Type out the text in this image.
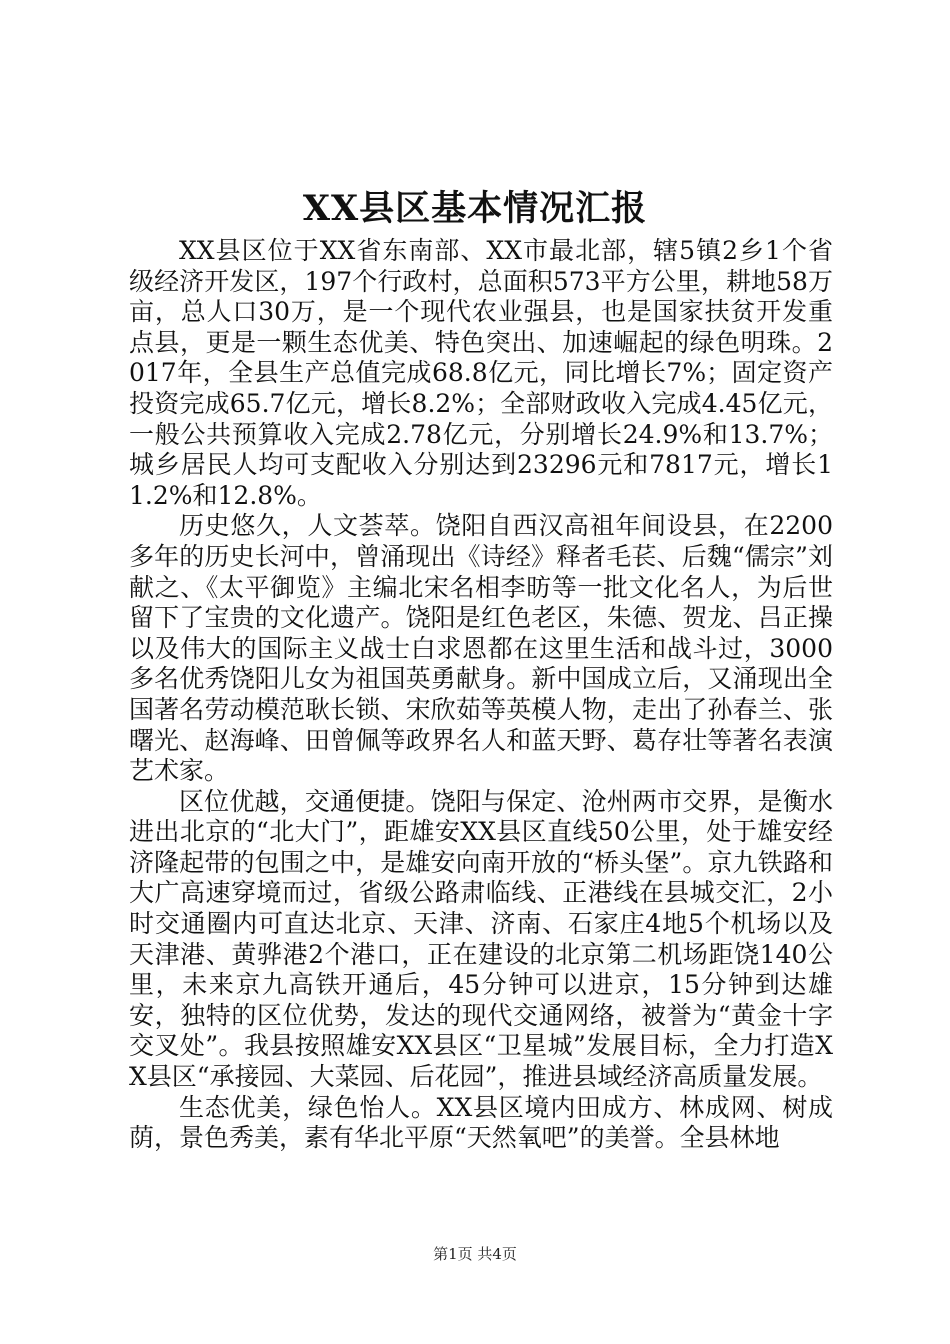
XX县区基本情况汇报

XX县区位于XX省东南部、XX市最北部，辖5镇2乡1个省级经济开发区，197个行政村，总面积573平方公里，耕地58万亩，总人口30万，是一个现代农业强县，也是国家扶贫开发重点县，更是一颗生态优美、特色突出、加速崛起的绿色明珠。2017年，全县生产总值完成68.8亿元，同比增长7%；固定资产投资完成65.7亿元，增长8.2%；全部财政收入完成4.45亿元，一般公共预算收入完成2.78亿元，分别增长24.9%和13.7%；城乡居民人均可支配收入分别达到23296元和7817元，增长11.2%和12.8%。

历史悠久，人文荟萃。饶阳自西汉高祖年间设县，在2200多年的历史长河中，曾涌现出《诗经》释者毛苌、后魏“儒宗”刘献之、《太平御览》主编北宋名相李昉等一批文化名人，为后世留下了宝贵的文化遗产。饶阳是红色老区，朱德、贺龙、吕正操以及伟大的国际主义战士白求恩都在这里生活和战斗过，3000多名优秀饶阳儿女为祖国英勇献身。新中国成立后，又涌现出全国著名劳动模范耿长锁、宋欣茹等英模人物，走出了孙春兰、张曙光、赵海峰、田曾佩等政界名人和蓝天野、葛存壮等著名表演艺术家。

区位优越，交通便捷。饶阳与保定、沧州两市交界，是衡水进出北京的“北大门”，距雄安XX县区直线50公里，处于雄安经济隆起带的包围之中，是雄安向南开放的“桥头堡”。京九铁路和大广高速穿境而过，省级公路肃临线、正港线在县城交汇，2小时交通圈内可直达北京、天津、济南、石家庄4地5个机场以及天津港、黄骅港2个港口，正在建设的北京第二机场距饶140公里，未来京九高铁开通后，45分钟可以进京，15分钟到达雄安，独特的区位优势，发达的现代交通网络，被誉为“黄金十字交叉处”。我县按照雄安XX县区“卫星城”发展目标，全力打造XX县区“承接园、大菜园、后花园”，推进县域经济高质量发展。

生态优美，绿色怡人。XX县区境内田成方、林成网、树成荫，景色秀美，素有华北平原“天然氧吧”的美誉。全县林地

第1页 共4页
